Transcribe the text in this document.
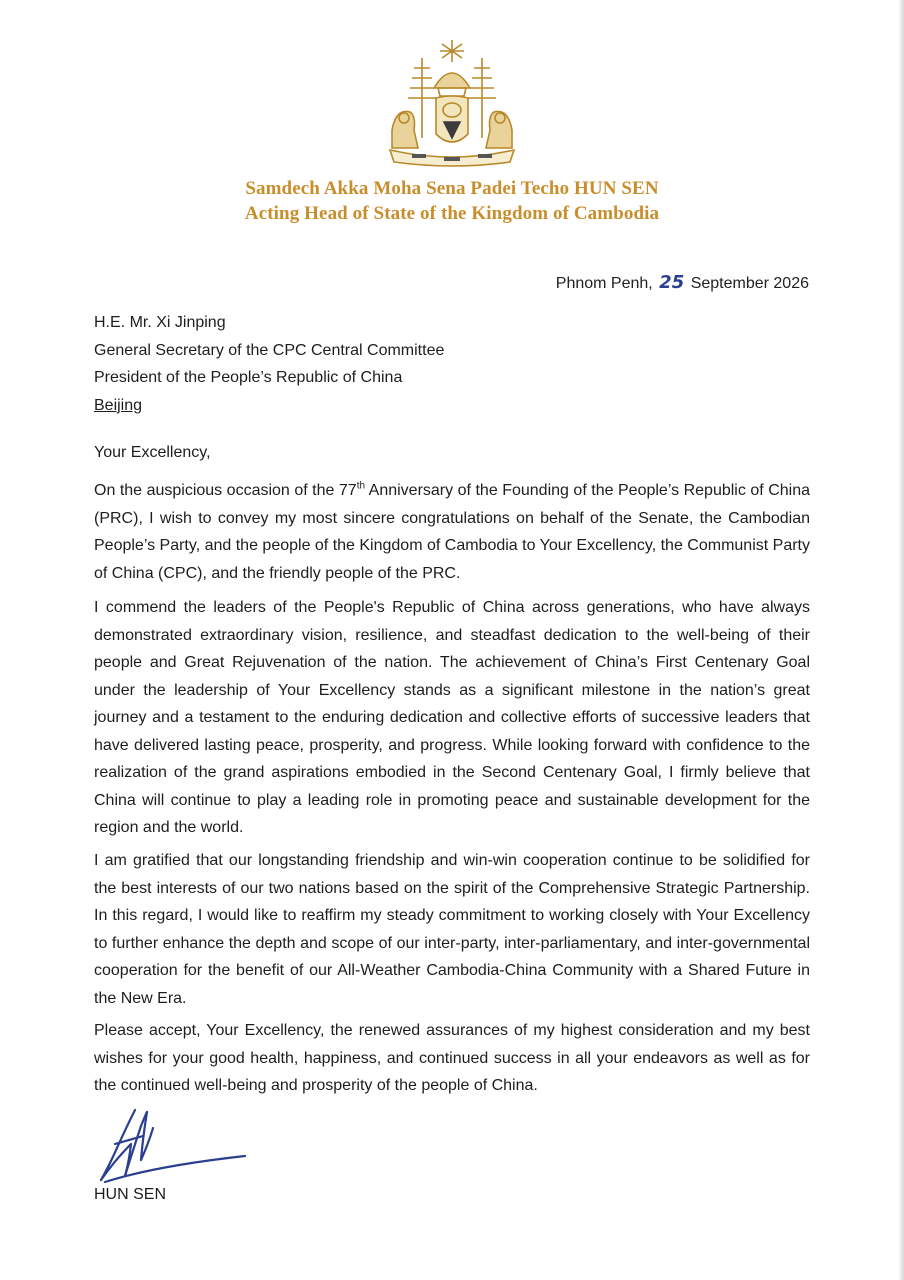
Samdech Akka Moha Sena Padei Techo HUN SEN
Acting Head of State of the Kingdom of Cambodia
Phnom Penh, 25 September 2026
H.E. Mr. Xi Jinping
General Secretary of the CPC Central Committee
President of the People’s Republic of China
Beijing
Your Excellency,
On the auspicious occasion of the 77th Anniversary of the Founding of the People’s Republic of China (PRC), I wish to convey my most sincere congratulations on behalf of the Senate, the Cambodian People’s Party, and the people of the Kingdom of Cambodia to Your Excellency, the Communist Party of China (CPC), and the friendly people of the PRC.
I commend the leaders of the People's Republic of China across generations, who have always demonstrated extraordinary vision, resilience, and steadfast dedication to the well-being of their people and Great Rejuvenation of the nation. The achievement of China’s First Centenary Goal under the leadership of Your Excellency stands as a significant milestone in the nation’s great journey and a testament to the enduring dedication and collective efforts of successive leaders that have delivered lasting peace, prosperity, and progress. While looking forward with confidence to the realization of the grand aspirations embodied in the Second Centenary Goal, I firmly believe that China will continue to play a leading role in promoting peace and sustainable development for the region and the world.
I am gratified that our longstanding friendship and win-win cooperation continue to be solidified for the best interests of our two nations based on the spirit of the Comprehensive Strategic Partnership. In this regard, I would like to reaffirm my steady commitment to working closely with Your Excellency to further enhance the depth and scope of our inter-party, inter-parliamentary, and inter-governmental cooperation for the benefit of our All-Weather Cambodia-China Community with a Shared Future in the New Era.
Please accept, Your Excellency, the renewed assurances of my highest consideration and my best wishes for your good health, happiness, and continued success in all your endeavors as well as for the continued well-being and prosperity of the people of China.
HUN SEN
